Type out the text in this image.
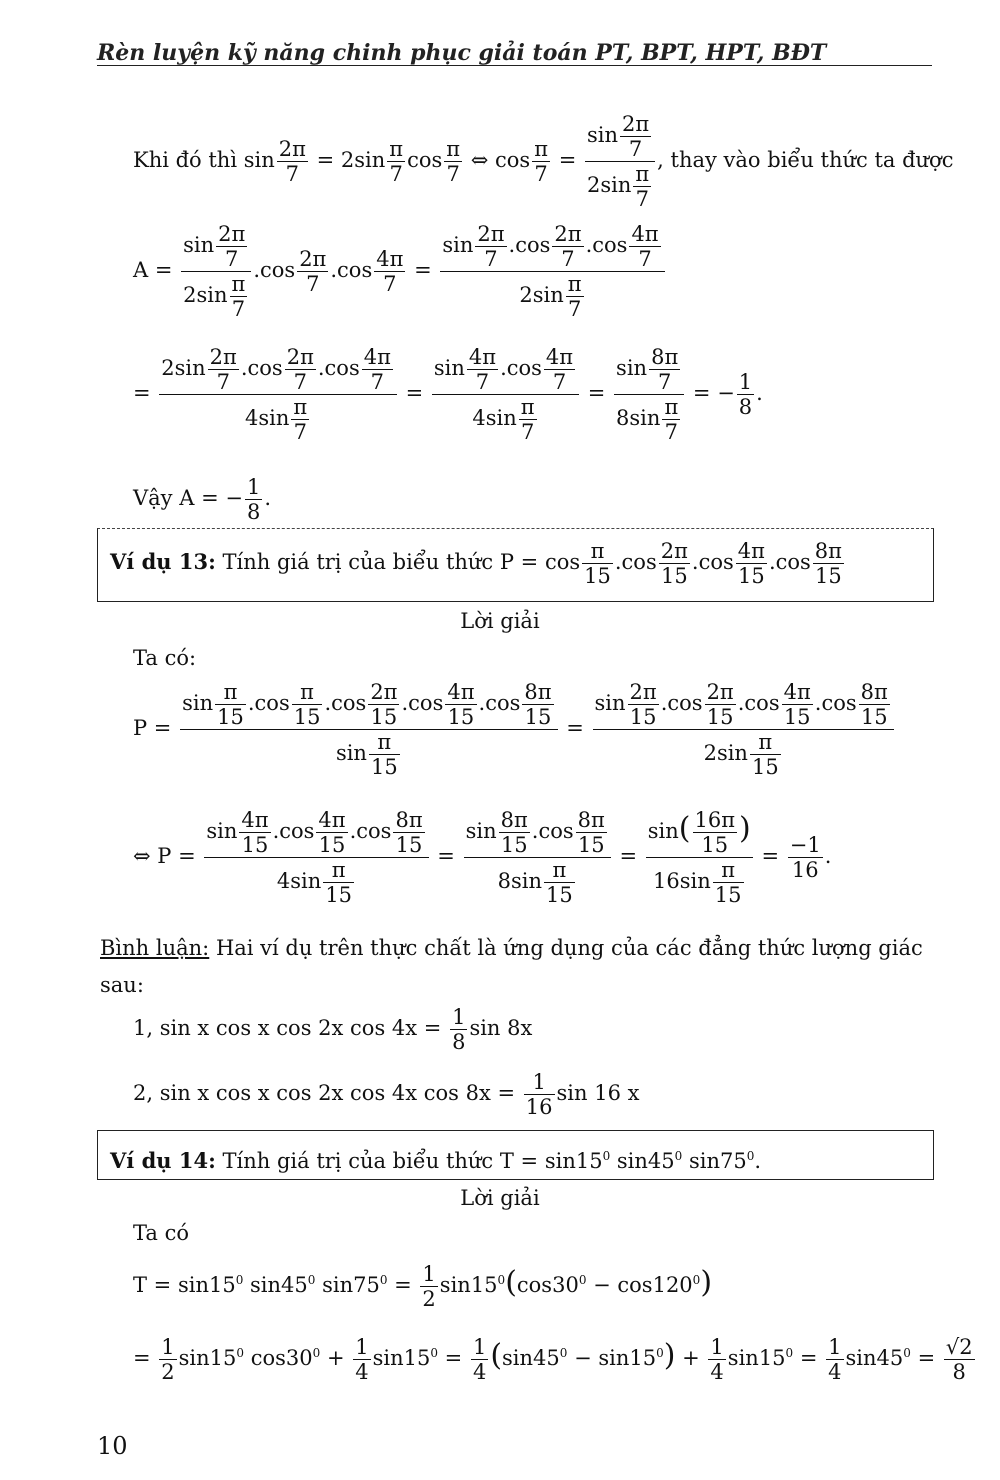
Rèn luyện kỹ năng chinh phục giải toán PT, BPT, HPT, BĐT
Khi đó thì $\sin \frac{2\pi}{7} = 2\sin \frac{\pi}{7}$ $\cos \frac{\pi}{7}$ ⇔ $\cos \frac{\pi}{7} = \frac{\sin \frac{2\pi}{7}}{2\sin \frac{\pi}{7}}$ , thay vào biểu thức ta được
$A = \frac{\sin \frac{2\pi}{7}}{2\sin \frac{\pi}{7}} .\cos \frac{2\pi}{7} .\cos \frac{4\pi}{7} = \frac{\sin \frac{2\pi}{7} .\cos \frac{2\pi}{7} .\cos \frac{4\pi}{7}}{2\sin \frac{\pi}{7}}$
= $\frac{2\sin \frac{2\pi}{7} .\cos \frac{2\pi}{7} .\cos \frac{4\pi}{7}}{4\sin \frac{\pi}{7}} = \frac{\sin \frac{4\pi}{7} .\cos \frac{4\pi}{7}}{4\sin \frac{\pi}{7}} = \frac{\sin \frac{8\pi}{7}}{8\sin \frac{\pi}{7}}$ = − $\frac{1}{8}$ .
Vậy A = − $\frac{1}{8}$ .
Ví dụ 13: Tính giá trị của biểu thức $P = \cos \frac{\pi}{15} .\cos \frac{2\pi}{15} .\cos \frac{4\pi}{15} .\cos \frac{8\pi}{15}$
Lời giải
Ta có:
$P = \frac{\sin \frac{\pi}{15} .\cos \frac{\pi}{15} .\cos \frac{2\pi}{15} .\cos \frac{4\pi}{15} .\cos \frac{8\pi}{15}}{\sin \frac{\pi}{15}} = \frac{\sin \frac{2\pi}{15} .\cos \frac{2\pi}{15} .\cos \frac{4\pi}{15} .\cos \frac{8\pi}{15}}{2\sin \frac{\pi}{15}}$
⇔ $P = \frac{\sin \frac{4\pi}{15} .\cos \frac{4\pi}{15} .\cos \frac{8\pi}{15}}{4\sin \frac{\pi}{15}} = \frac{\sin \frac{8\pi}{15} .\cos \frac{8\pi}{15}}{8\sin \frac{\pi}{15}} = \frac{\sin( \frac{16\pi}{15} )}{16\sin \frac{\pi}{15}} = \frac{-1}{16}$ .
Bình luận: Hai ví dụ trên thực chất là ứng dụng của các đẳng thức lượng giác
sau:
1, sin x cos x cos 2x $\cos 4x = \frac{1}{8}$ sin 8x
2, sin x cos x cos 2x cos 4x $\cos 8x = \frac{1}{16}$ sin 16 x
Ví dụ 14: Tính giá trị của biểu thức $T = \sin 15^0$ $\sin 45^0$ $\sin 75^0$.
Lời giải
Ta có
$T = \sin 15^0$ $\sin 45^0$ $\sin 75^0 = \frac{1}{2} \sin 15^0(\cos 30^0 - \cos 120^0)$
= $\frac{1}{2} \sin 15^0$ $\cos 30^0 + \frac{1}{4} \sin 15^0 = \frac{1}{4} (\sin 45^0 - \sin 15^0) + \frac{1}{4} \sin 15^0 = \frac{1}{4} \sin 45^0 = \frac{√2}{8}$
10
